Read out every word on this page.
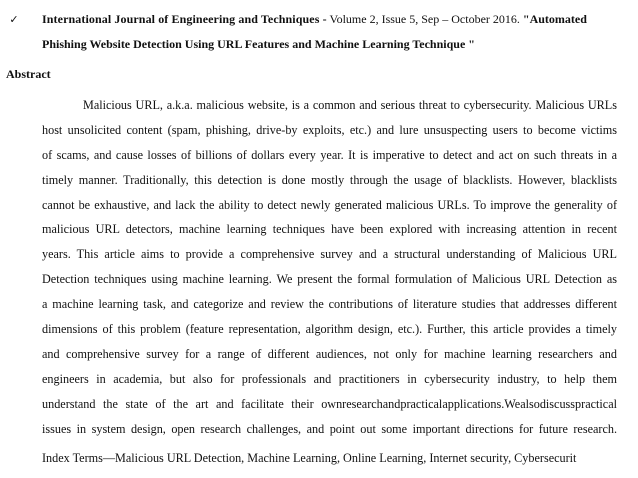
✓	International Journal of Engineering and Techniques - Volume 2, Issue 5, Sep – October 2016. "Automated
Phishing Website Detection Using URL Features and Machine Learning Technique "
Abstract
Malicious URL, a.k.a. malicious website, is a common and serious threat to cybersecurity. Malicious URLs
host unsolicited content (spam, phishing, drive-by exploits, etc.) and lure unsuspecting users to become victims
of scams, and cause losses of billions of dollars every year. It is imperative to detect and act on such threats in a
timely manner. Traditionally, this detection is done mostly through the usage of blacklists. However, blacklists
cannot be exhaustive, and lack the ability to detect newly generated malicious URLs. To improve the generality of
malicious URL detectors, machine learning techniques have been explored with increasing attention in recent
years. This article aims to provide a comprehensive survey and a structural understanding of Malicious URL
Detection techniques using machine learning. We present the formal formulation of Malicious URL Detection as
a machine learning task, and categorize and review the contributions of literature studies that addresses different
dimensions of this problem (feature representation, algorithm design, etc.). Further, this article provides a timely
and comprehensive survey for a range of different audiences, not only for machine learning researchers and
engineers in academia, but also for professionals and practitioners in cybersecurity industry, to help them
understand the state of the art and facilitate their ownresearchandpracticalapplications.Wealsodiscusspractical
issues in system design, open research challenges, and point out some important directions for future research.
Index Terms—Malicious URL Detection, Machine Learning, Online Learning, Internet security, Cybersecurit
